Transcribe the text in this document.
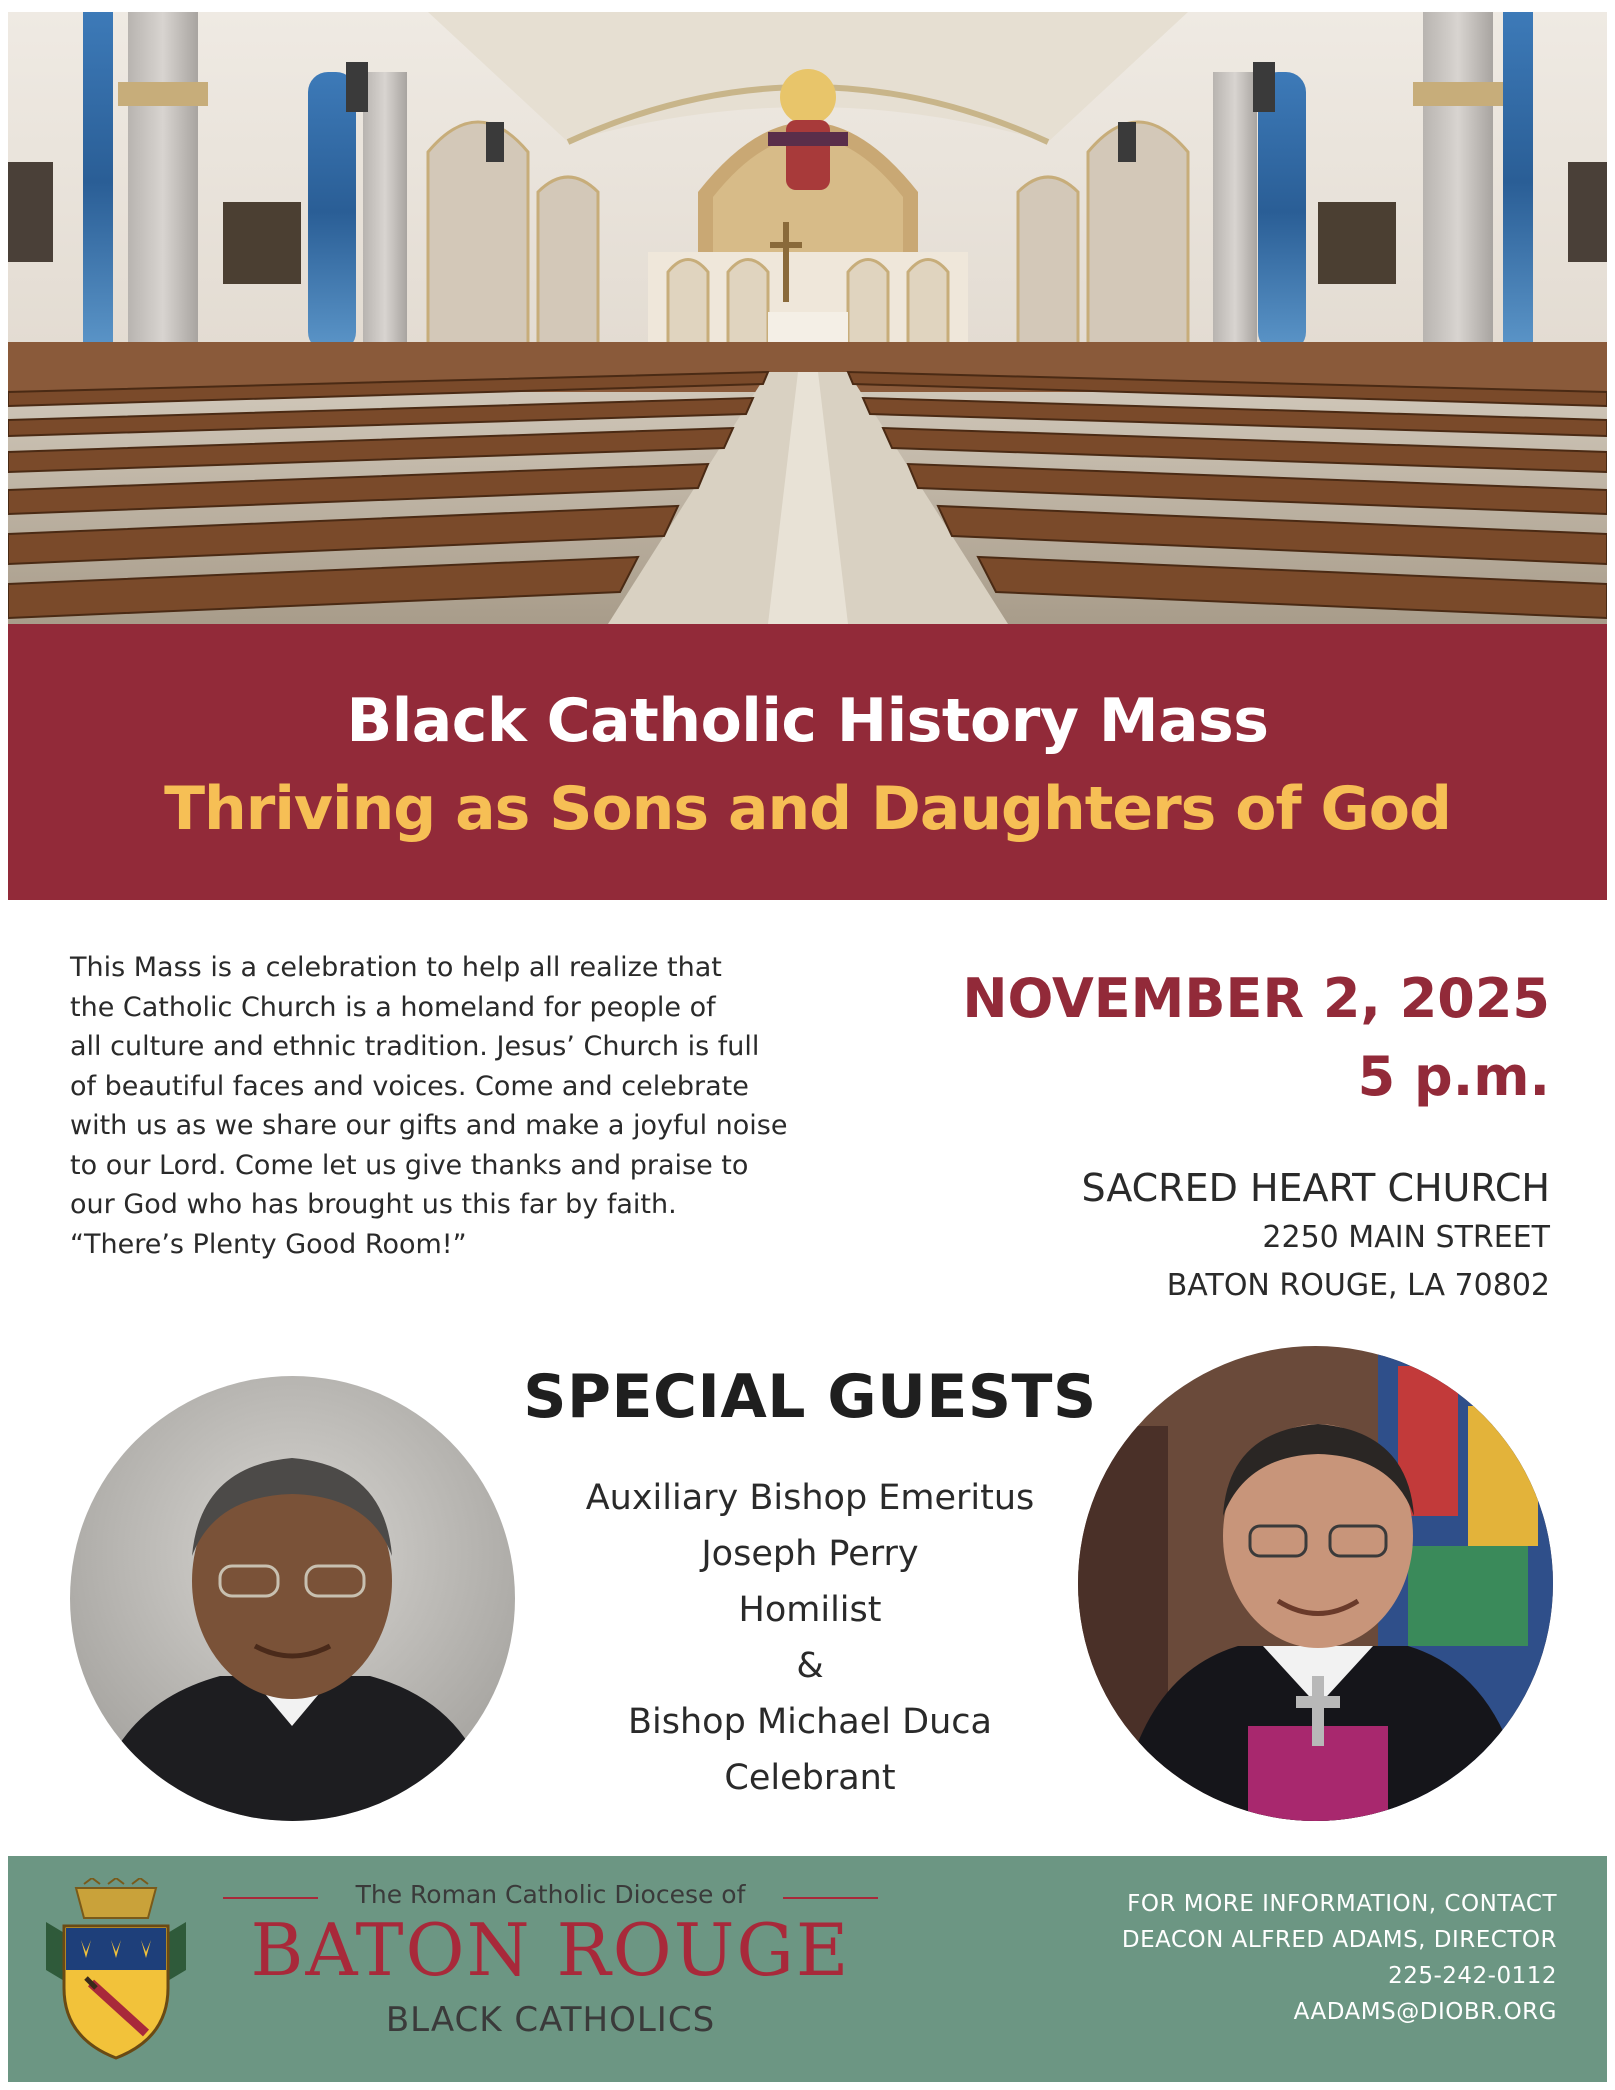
Black Catholic History Mass
Thriving as Sons and Daughters of God
This Mass is a celebration to help all realize that
the Catholic Church is a homeland for people of
all culture and ethnic tradition. Jesus’ Church is full
of beautiful faces and voices. Come and celebrate
with us as we share our gifts and make a joyful noise
to our Lord. Come let us give thanks and praise to
our God who has brought us this far by faith.
“There’s Plenty Good Room!”
NOVEMBER 2, 2025
5 p.m.
SACRED HEART CHURCH
2250 MAIN STREET
BATON ROUGE, LA 70802
SPECIAL GUESTS
Auxiliary Bishop Emeritus
Joseph Perry
Homilist
&
Bishop Michael Duca
Celebrant
The Roman Catholic Diocese of
BATON ROUGE
BLACK CATHOLICS
FOR MORE INFORMATION, CONTACT
DEACON ALFRED ADAMS, DIRECTOR
225-242-0112
AADAMS@DIOBR.ORG
